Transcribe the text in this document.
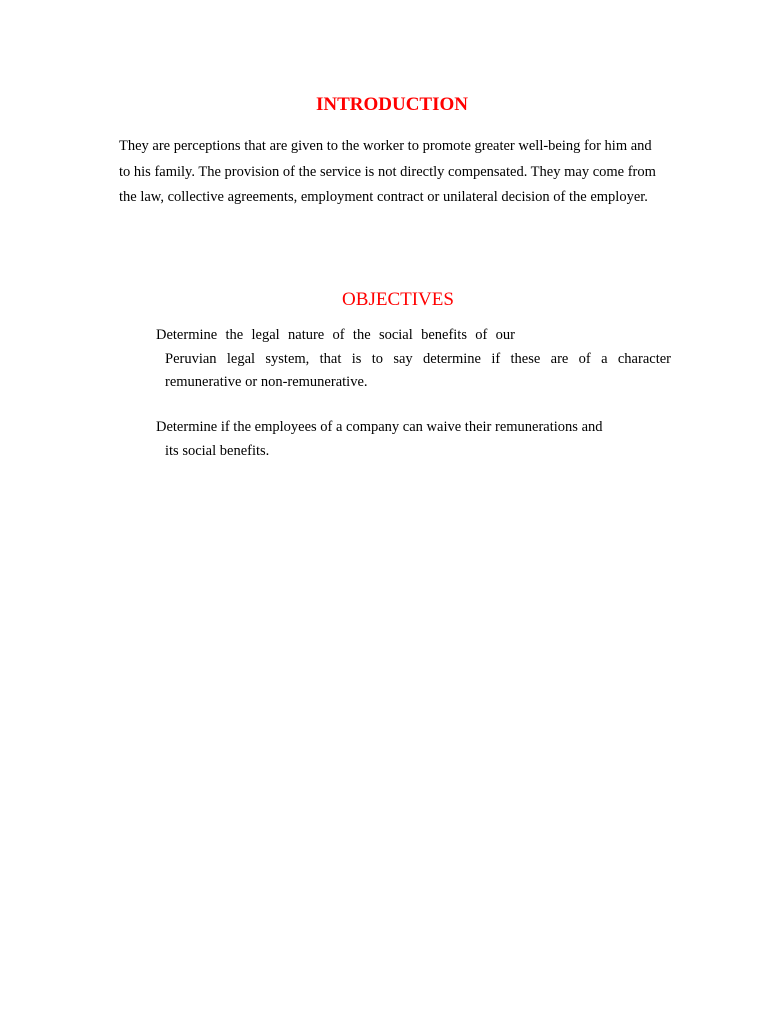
INTRODUCTION

They are perceptions that are given to the worker to promote greater well-being for him and

to his family. The provision of the service is not directly compensated. They may come from

the law, collective agreements, employment contract or unilateral decision of the employer.

OBJECTIVES

Determine the legal nature of the social benefits of our

Peruvian legal system, that is to say determine if these are of a character

remunerative or non-remunerative.

Determine if the employees of a company can waive their remunerations and

its social benefits.
